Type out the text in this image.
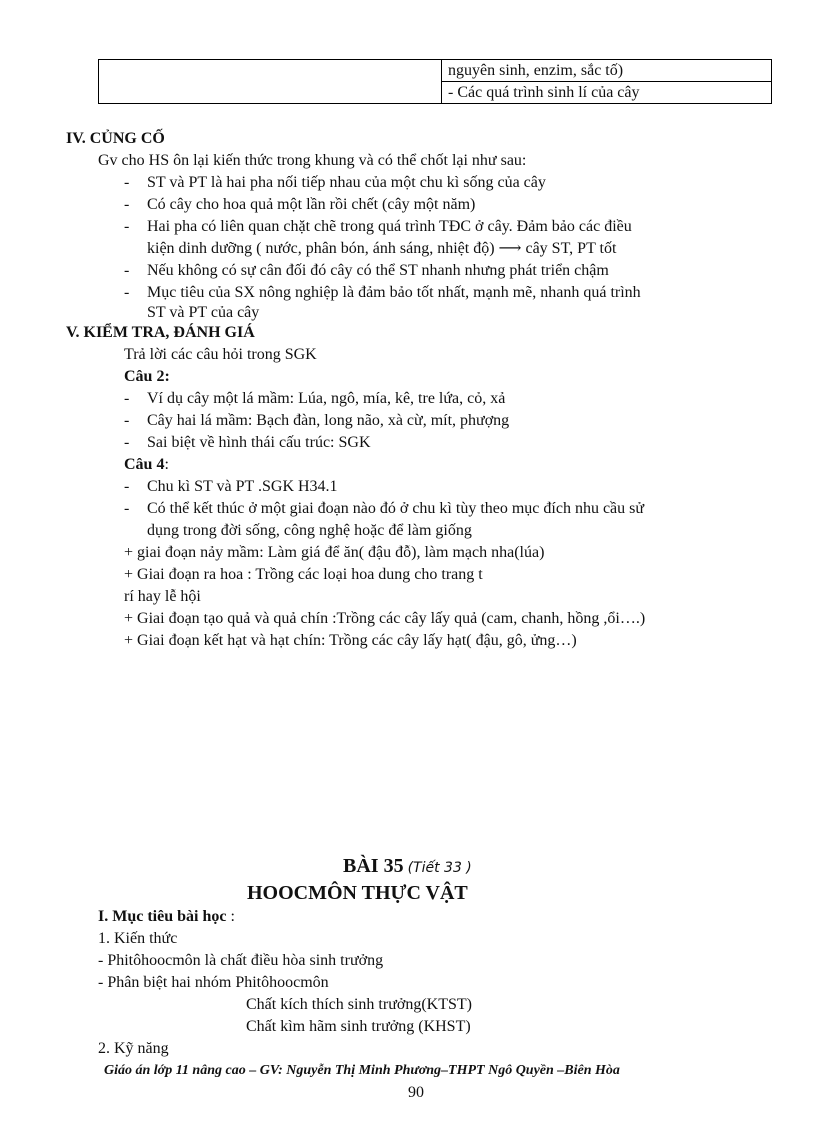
	nguyên sinh, enzim, sắc tố)
- Các quá trình sinh lí của cây
IV. CỦNG CỐ
Gv cho HS ôn lại kiến thức trong khung và có thể chốt lại như sau:
- ST và PT là hai pha nối tiếp nhau của một chu kì sống của cây
- Có cây cho hoa quả một lần rồi chết (cây một năm)
- Hai pha có liên quan chặt chẽ trong quá trình TĐC ở cây. Đảm bảo các điều
kiện dinh dưỡng ( nước, phân bón, ánh sáng, nhiệt độ) ⟶ cây ST, PT tốt
- Nếu không có sự cân đối đó cây có thể ST nhanh nhưng phát triển chậm
- Mục tiêu của SX nông nghiệp là đảm bảo tốt nhất, mạnh mẽ, nhanh quá trình
ST và PT của cây
V. KIỂM TRA, ĐÁNH GIÁ
Trả lời các câu hỏi trong SGK
Câu 2:
- Ví dụ cây một lá mầm: Lúa, ngô, mía, kê, tre lứa, cỏ, xả
- Cây hai lá mầm: Bạch đàn, long não, xà cừ, mít, phượng
- Sai biệt về hình thái cấu trúc: SGK
Câu 4:
- Chu kì ST và PT .SGK H34.1
- Có thể kết thúc ở một giai đoạn nào đó ở chu kì tùy theo mục đích nhu cầu sử
dụng trong đời sống, công nghệ hoặc để làm giống
+ giai đoạn nảy mầm: Làm giá để ăn( đậu đỗ), làm mạch nha(lúa)
+ Giai đoạn ra hoa : Trồng các loại hoa dung cho trang t
rí hay lễ hội
+ Giai đoạn tạo quả và quả chín :Trồng các cây lấy quả (cam, chanh, hồng ,ổi….)
+ Giai đoạn kết hạt và hạt chín: Trồng các cây lấy hạt( đậu, gô, ửng…)
BÀI 35 (Tiết 33 )
HOOCMÔN THỰC VẬT
I. Mục tiêu bài học :
1. Kiến thức
- Phitôhoocmôn là chất điều hòa sinh trưởng
- Phân biệt hai nhóm Phitôhoocmôn
Chất kích thích sinh trưởng(KTST)
Chất kìm hãm sinh trưởng (KHST)
2. Kỹ năng
Giáo án lớp 11 nâng cao – GV: Nguyễn Thị Minh Phương–THPT Ngô Quyền –Biên Hòa
90
